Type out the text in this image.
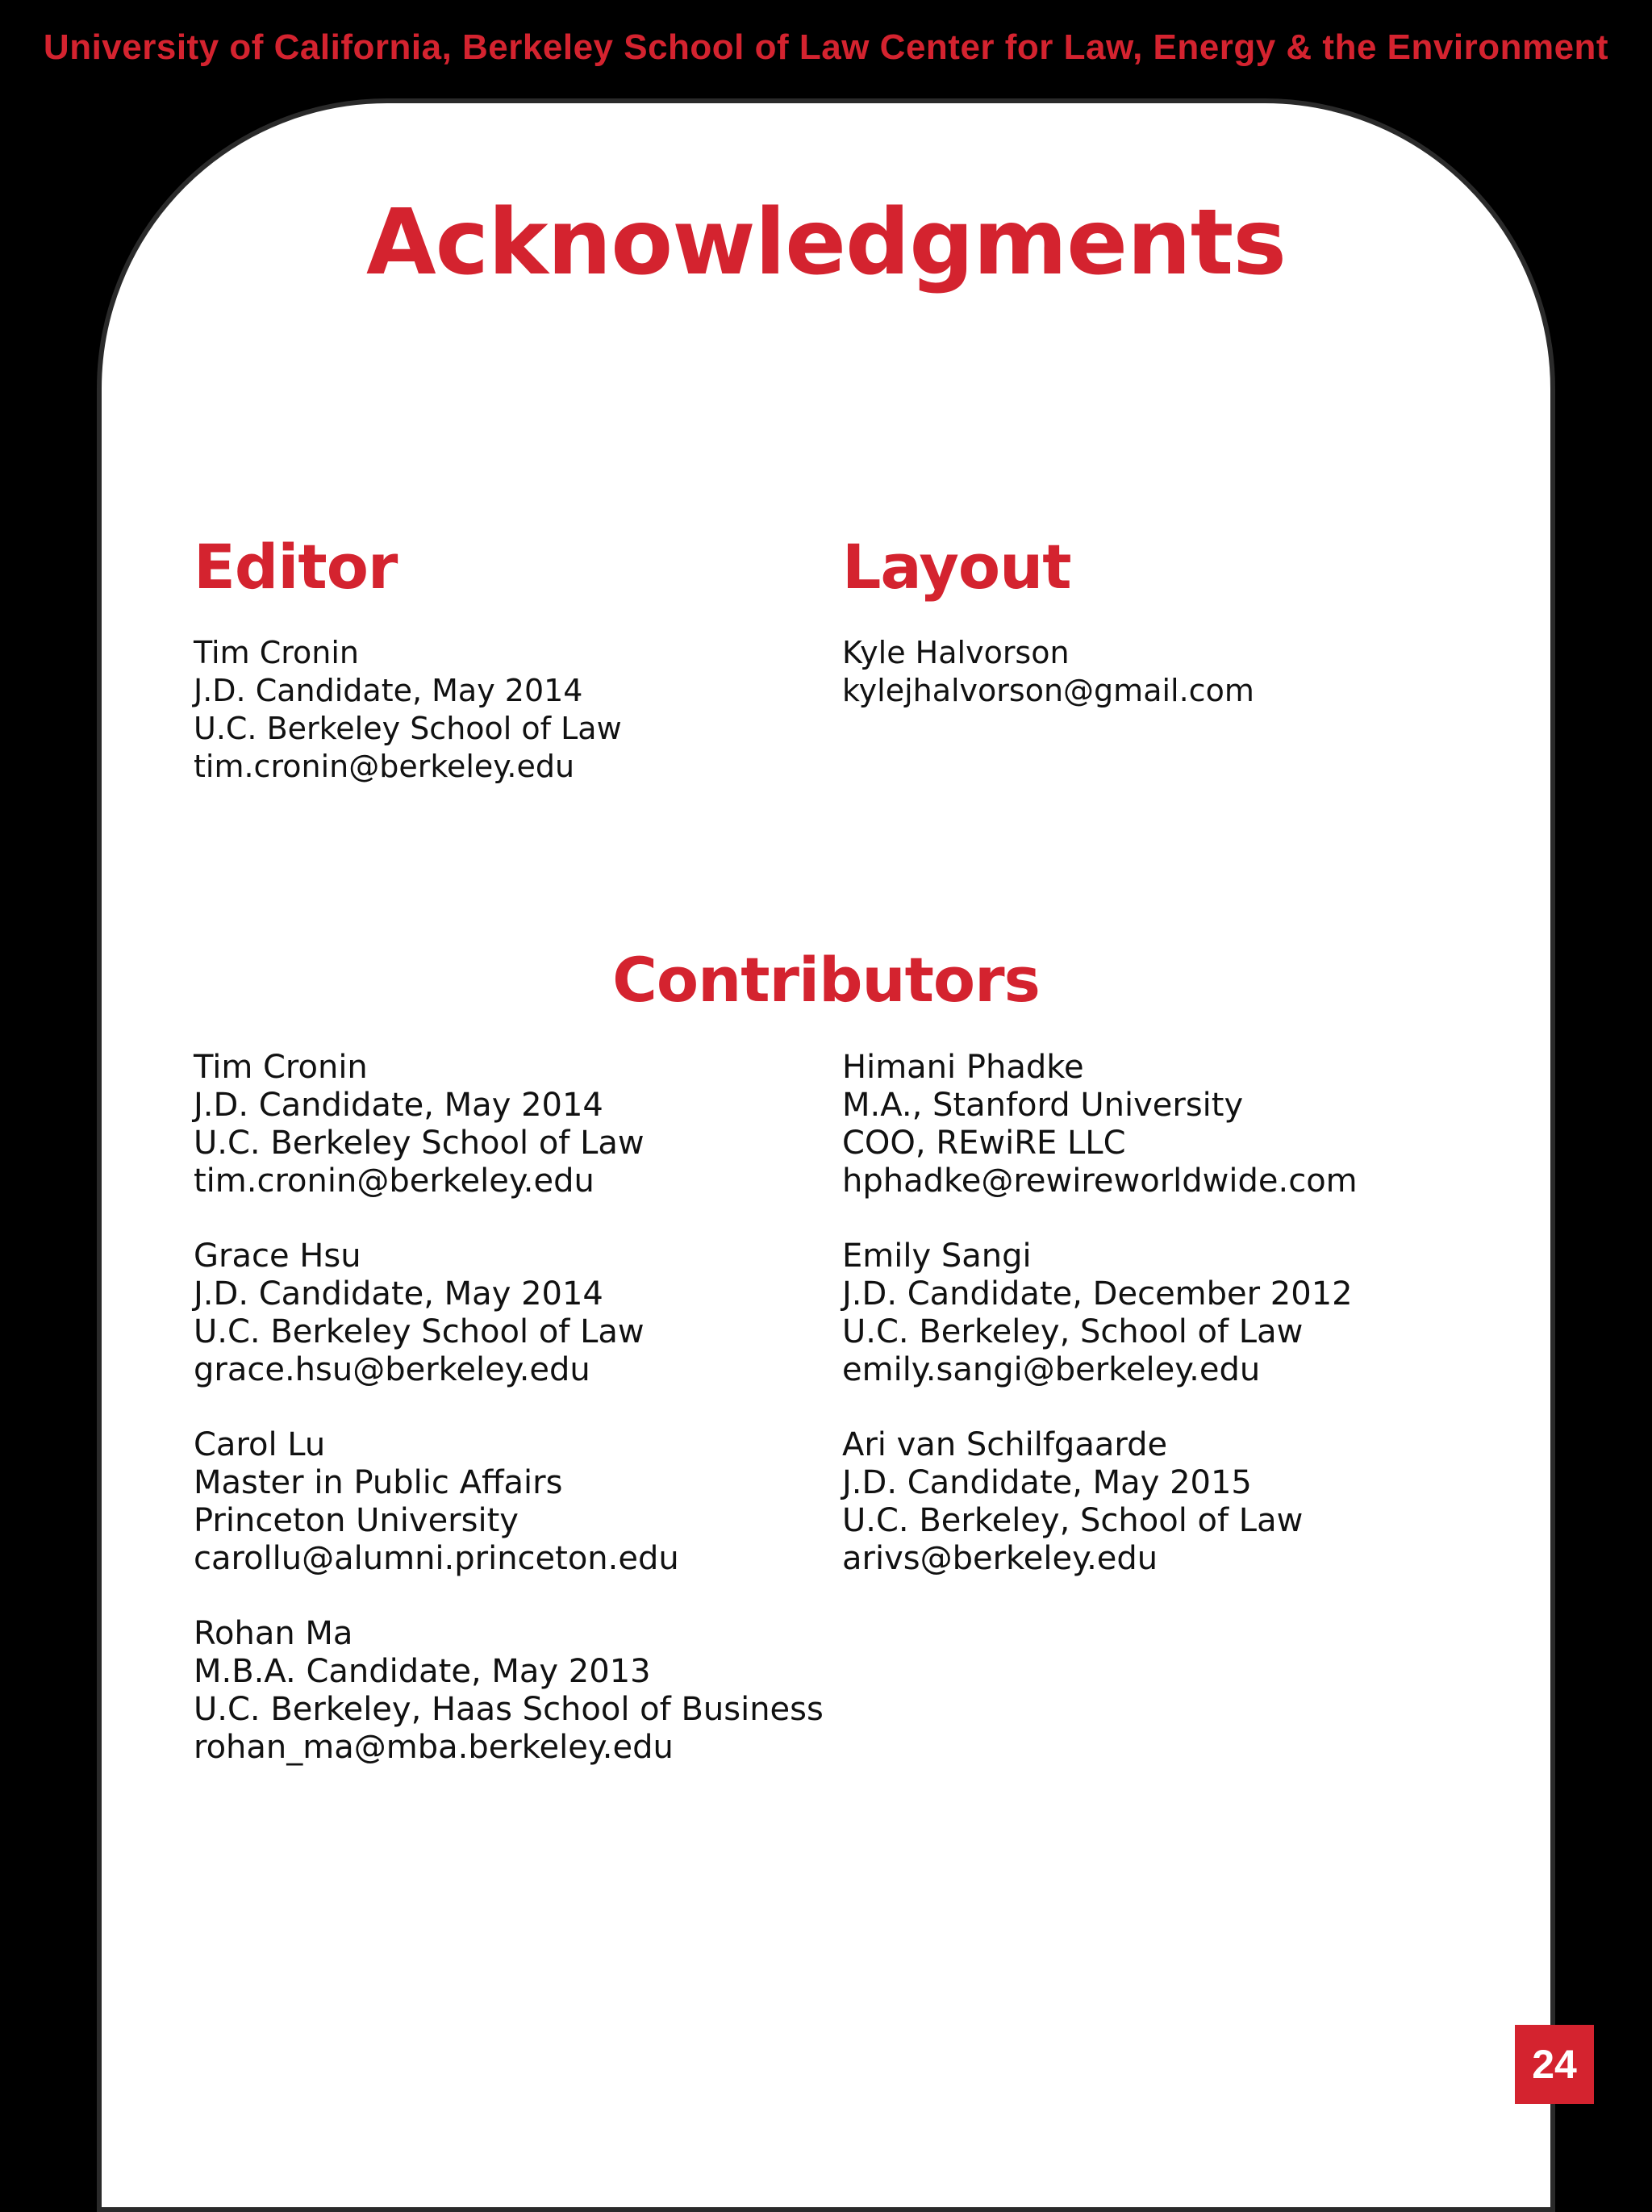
University of California, Berkeley School of Law Center for Law, Energy & the Environment
Acknowledgments
Editor
Tim Cronin
J.D. Candidate, May 2014
U.C. Berkeley School of Law
tim.cronin@berkeley.edu
Layout
Kyle Halvorson
kylejhalvorson@gmail.com
Contributors
Tim Cronin
J.D. Candidate, May 2014
U.C. Berkeley School of Law
tim.cronin@berkeley.edu
Grace Hsu
J.D. Candidate, May 2014
U.C. Berkeley School of Law
grace.hsu@berkeley.edu
Carol Lu
Master in Public Affairs
Princeton University
carollu@alumni.princeton.edu
Rohan Ma
M.B.A. Candidate, May 2013
U.C. Berkeley, Haas School of Business
rohan_ma@mba.berkeley.edu
Himani Phadke
M.A., Stanford University
COO, REwiRE LLC
hphadke@rewireworldwide.com
Emily Sangi
J.D. Candidate, December 2012
U.C. Berkeley, School of Law
emily.sangi@berkeley.edu
Ari van Schilfgaarde
J.D. Candidate, May 2015
U.C. Berkeley, School of Law
arivs@berkeley.edu
24
